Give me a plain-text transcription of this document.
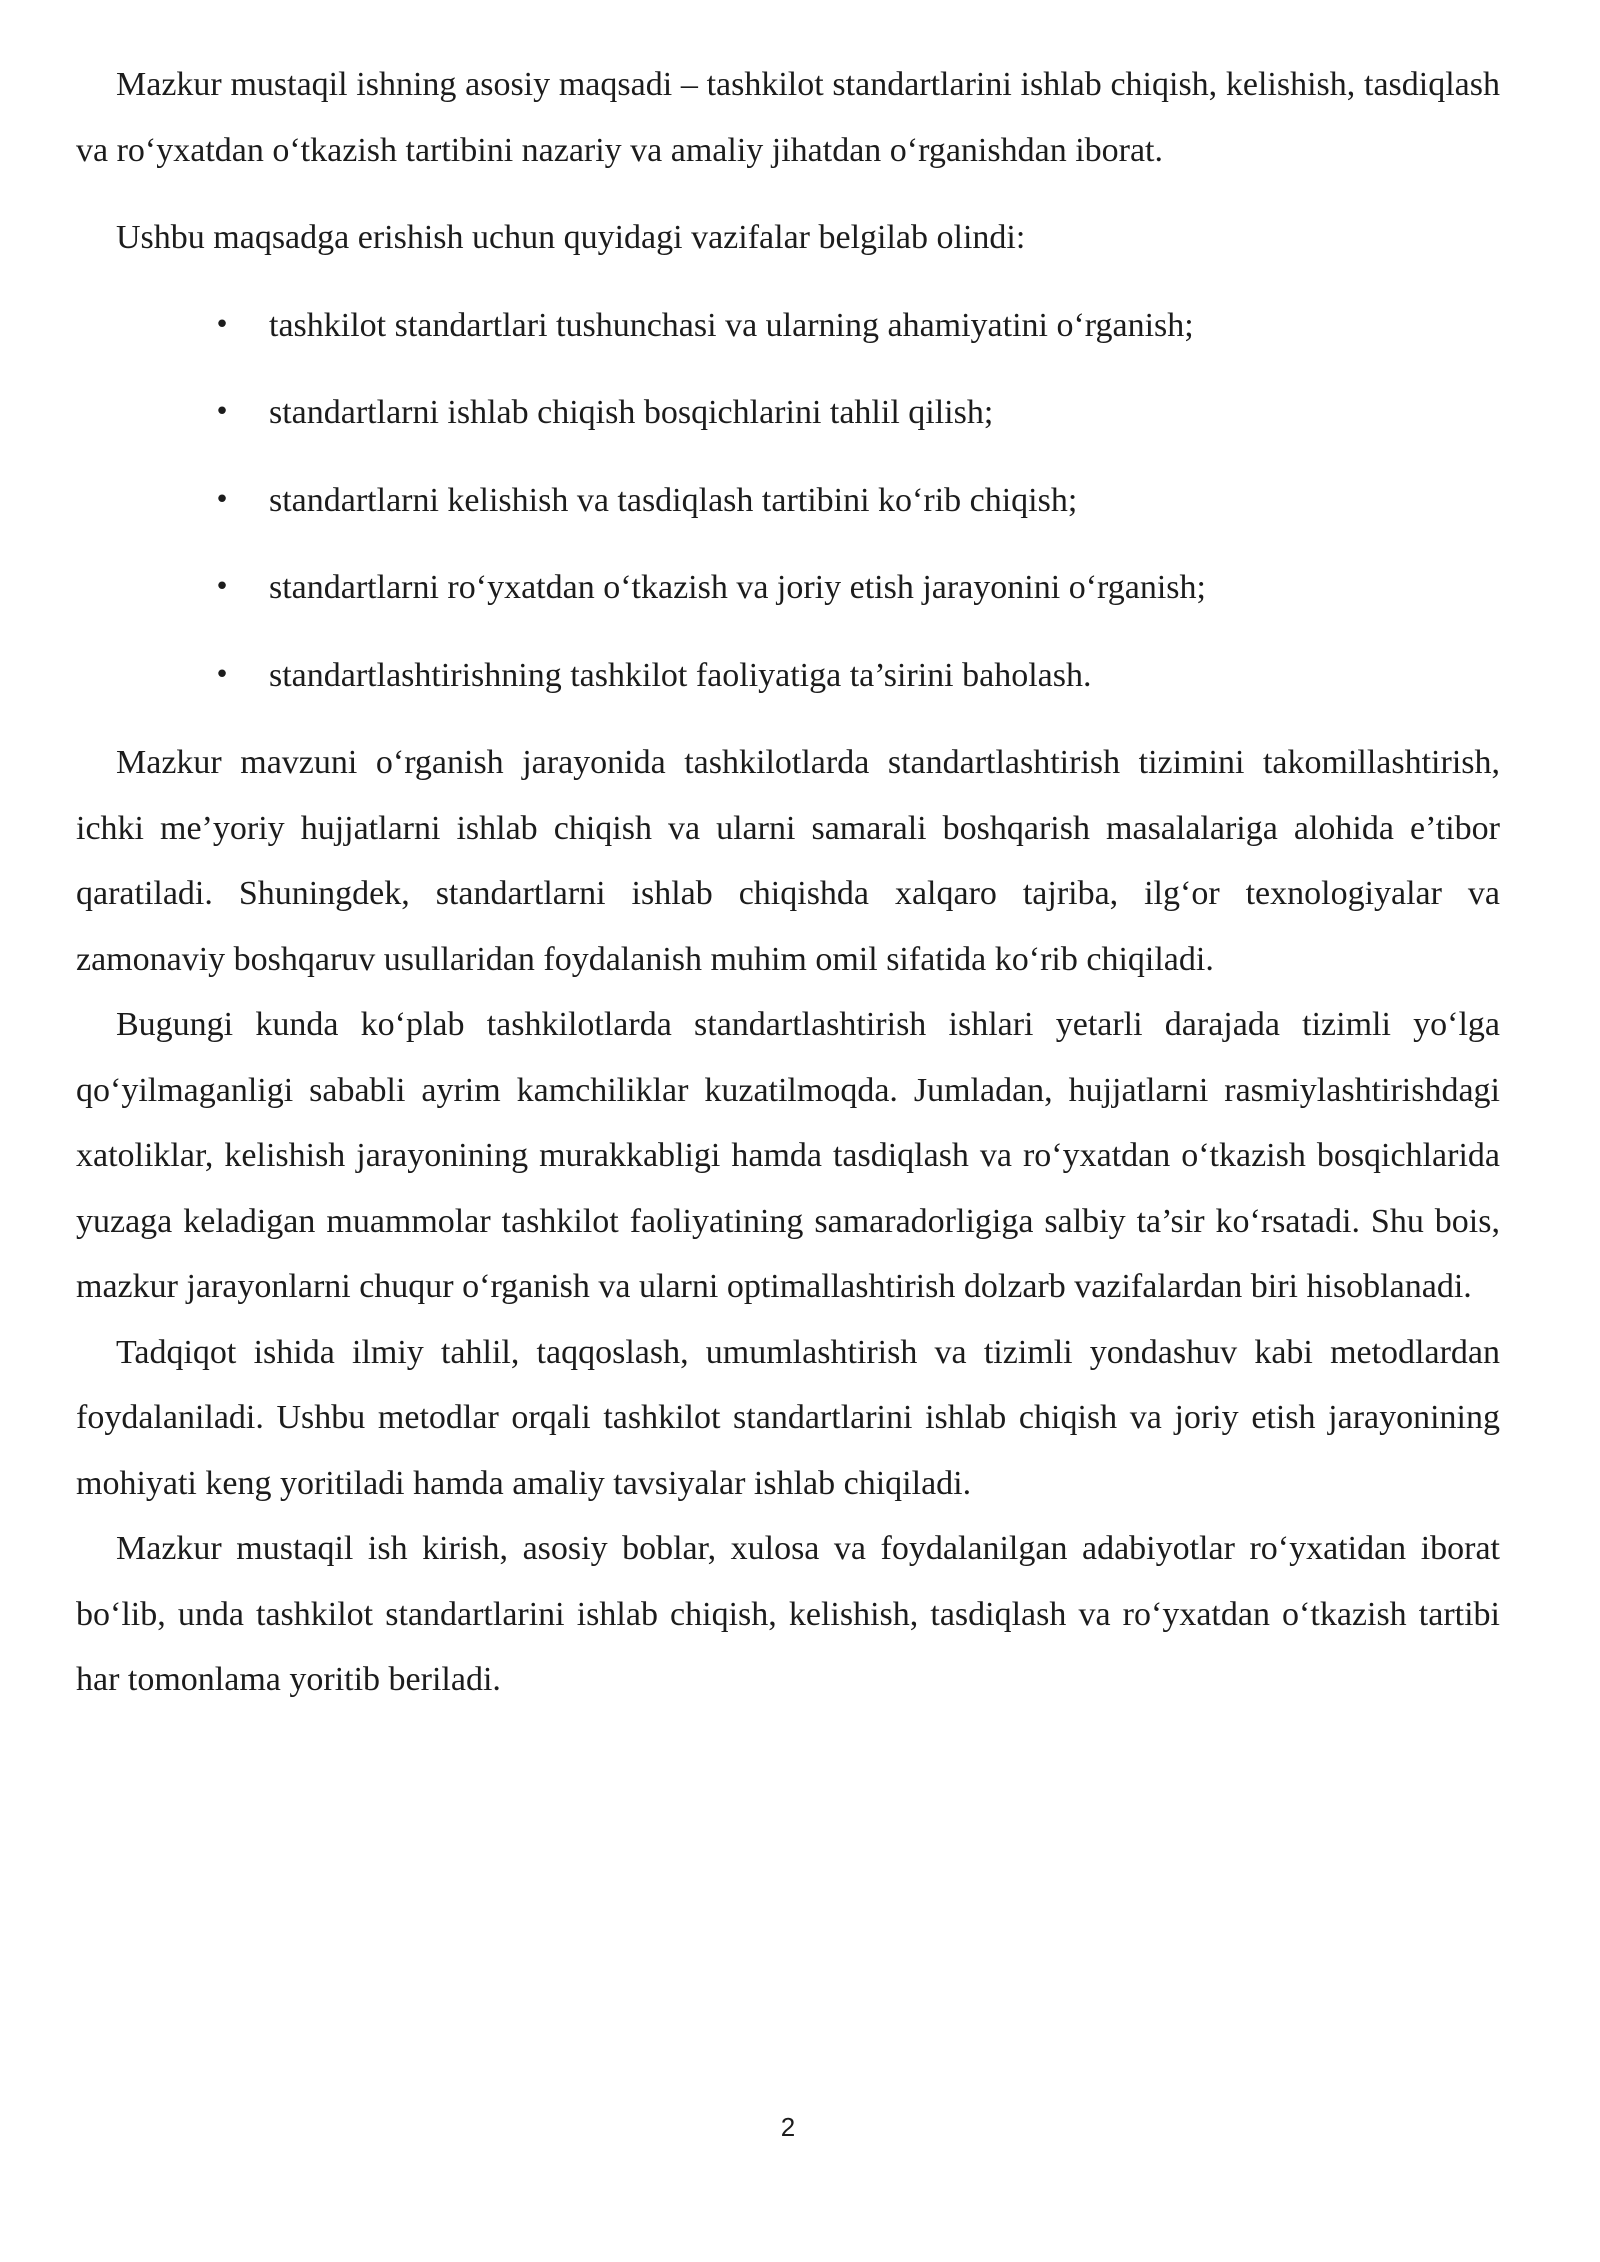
Mazkur mustaqil ishning asosiy maqsadi – tashkilot standartlarini ishlab chiqish, kelishish, tasdiqlash va ro‘yxatdan o‘tkazish tartibini nazariy va amaliy jihatdan o‘rganishdan iborat.

Ushbu maqsadga erishish uchun quyidagi vazifalar belgilab olindi:

• tashkilot standartlari tushunchasi va ularning ahamiyatini o‘rganish;
• standartlarni ishlab chiqish bosqichlarini tahlil qilish;
• standartlarni kelishish va tasdiqlash tartibini ko‘rib chiqish;
• standartlarni ro‘yxatdan o‘tkazish va joriy etish jarayonini o‘rganish;
• standartlashtirishning tashkilot faoliyatiga ta’sirini baholash.

Mazkur mavzuni o‘rganish jarayonida tashkilotlarda standartlashtirish tizimini takomillashtirish, ichki me’yoriy hujjatlarni ishlab chiqish va ularni samarali boshqarish masalalariga alohida e’tibor qaratiladi. Shuningdek, standartlarni ishlab chiqishda xalqaro tajriba, ilg‘or texnologiyalar va zamonaviy boshqaruv usullaridan foydalanish muhim omil sifatida ko‘rib chiqiladi.

Bugungi kunda ko‘plab tashkilotlarda standartlashtirish ishlari yetarli darajada tizimli yo‘lga qo‘yilmaganligi sababli ayrim kamchiliklar kuzatilmoqda. Jumladan, hujjatlarni rasmiylashtirishdagi xatoliklar, kelishish jarayonining murakkabligi hamda tasdiqlash va ro‘yxatdan o‘tkazish bosqichlarida yuzaga keladigan muammolar tashkilot faoliyatining samaradorligiga salbiy ta’sir ko‘rsatadi. Shu bois, mazkur jarayonlarni chuqur o‘rganish va ularni optimallashtirish dolzarb vazifalardan biri hisoblanadi.

Tadqiqot ishida ilmiy tahlil, taqqoslash, umumlashtirish va tizimli yondashuv kabi metodlardan foydalaniladi. Ushbu metodlar orqali tashkilot standartlarini ishlab chiqish va joriy etish jarayonining mohiyati keng yoritiladi hamda amaliy tavsiyalar ishlab chiqiladi.

Mazkur mustaqil ish kirish, asosiy boblar, xulosa va foydalanilgan adabiyotlar ro‘yxatidan iborat bo‘lib, unda tashkilot standartlarini ishlab chiqish, kelishish, tasdiqlash va ro‘yxatdan o‘tkazish tartibi har tomonlama yoritib beriladi.

2
